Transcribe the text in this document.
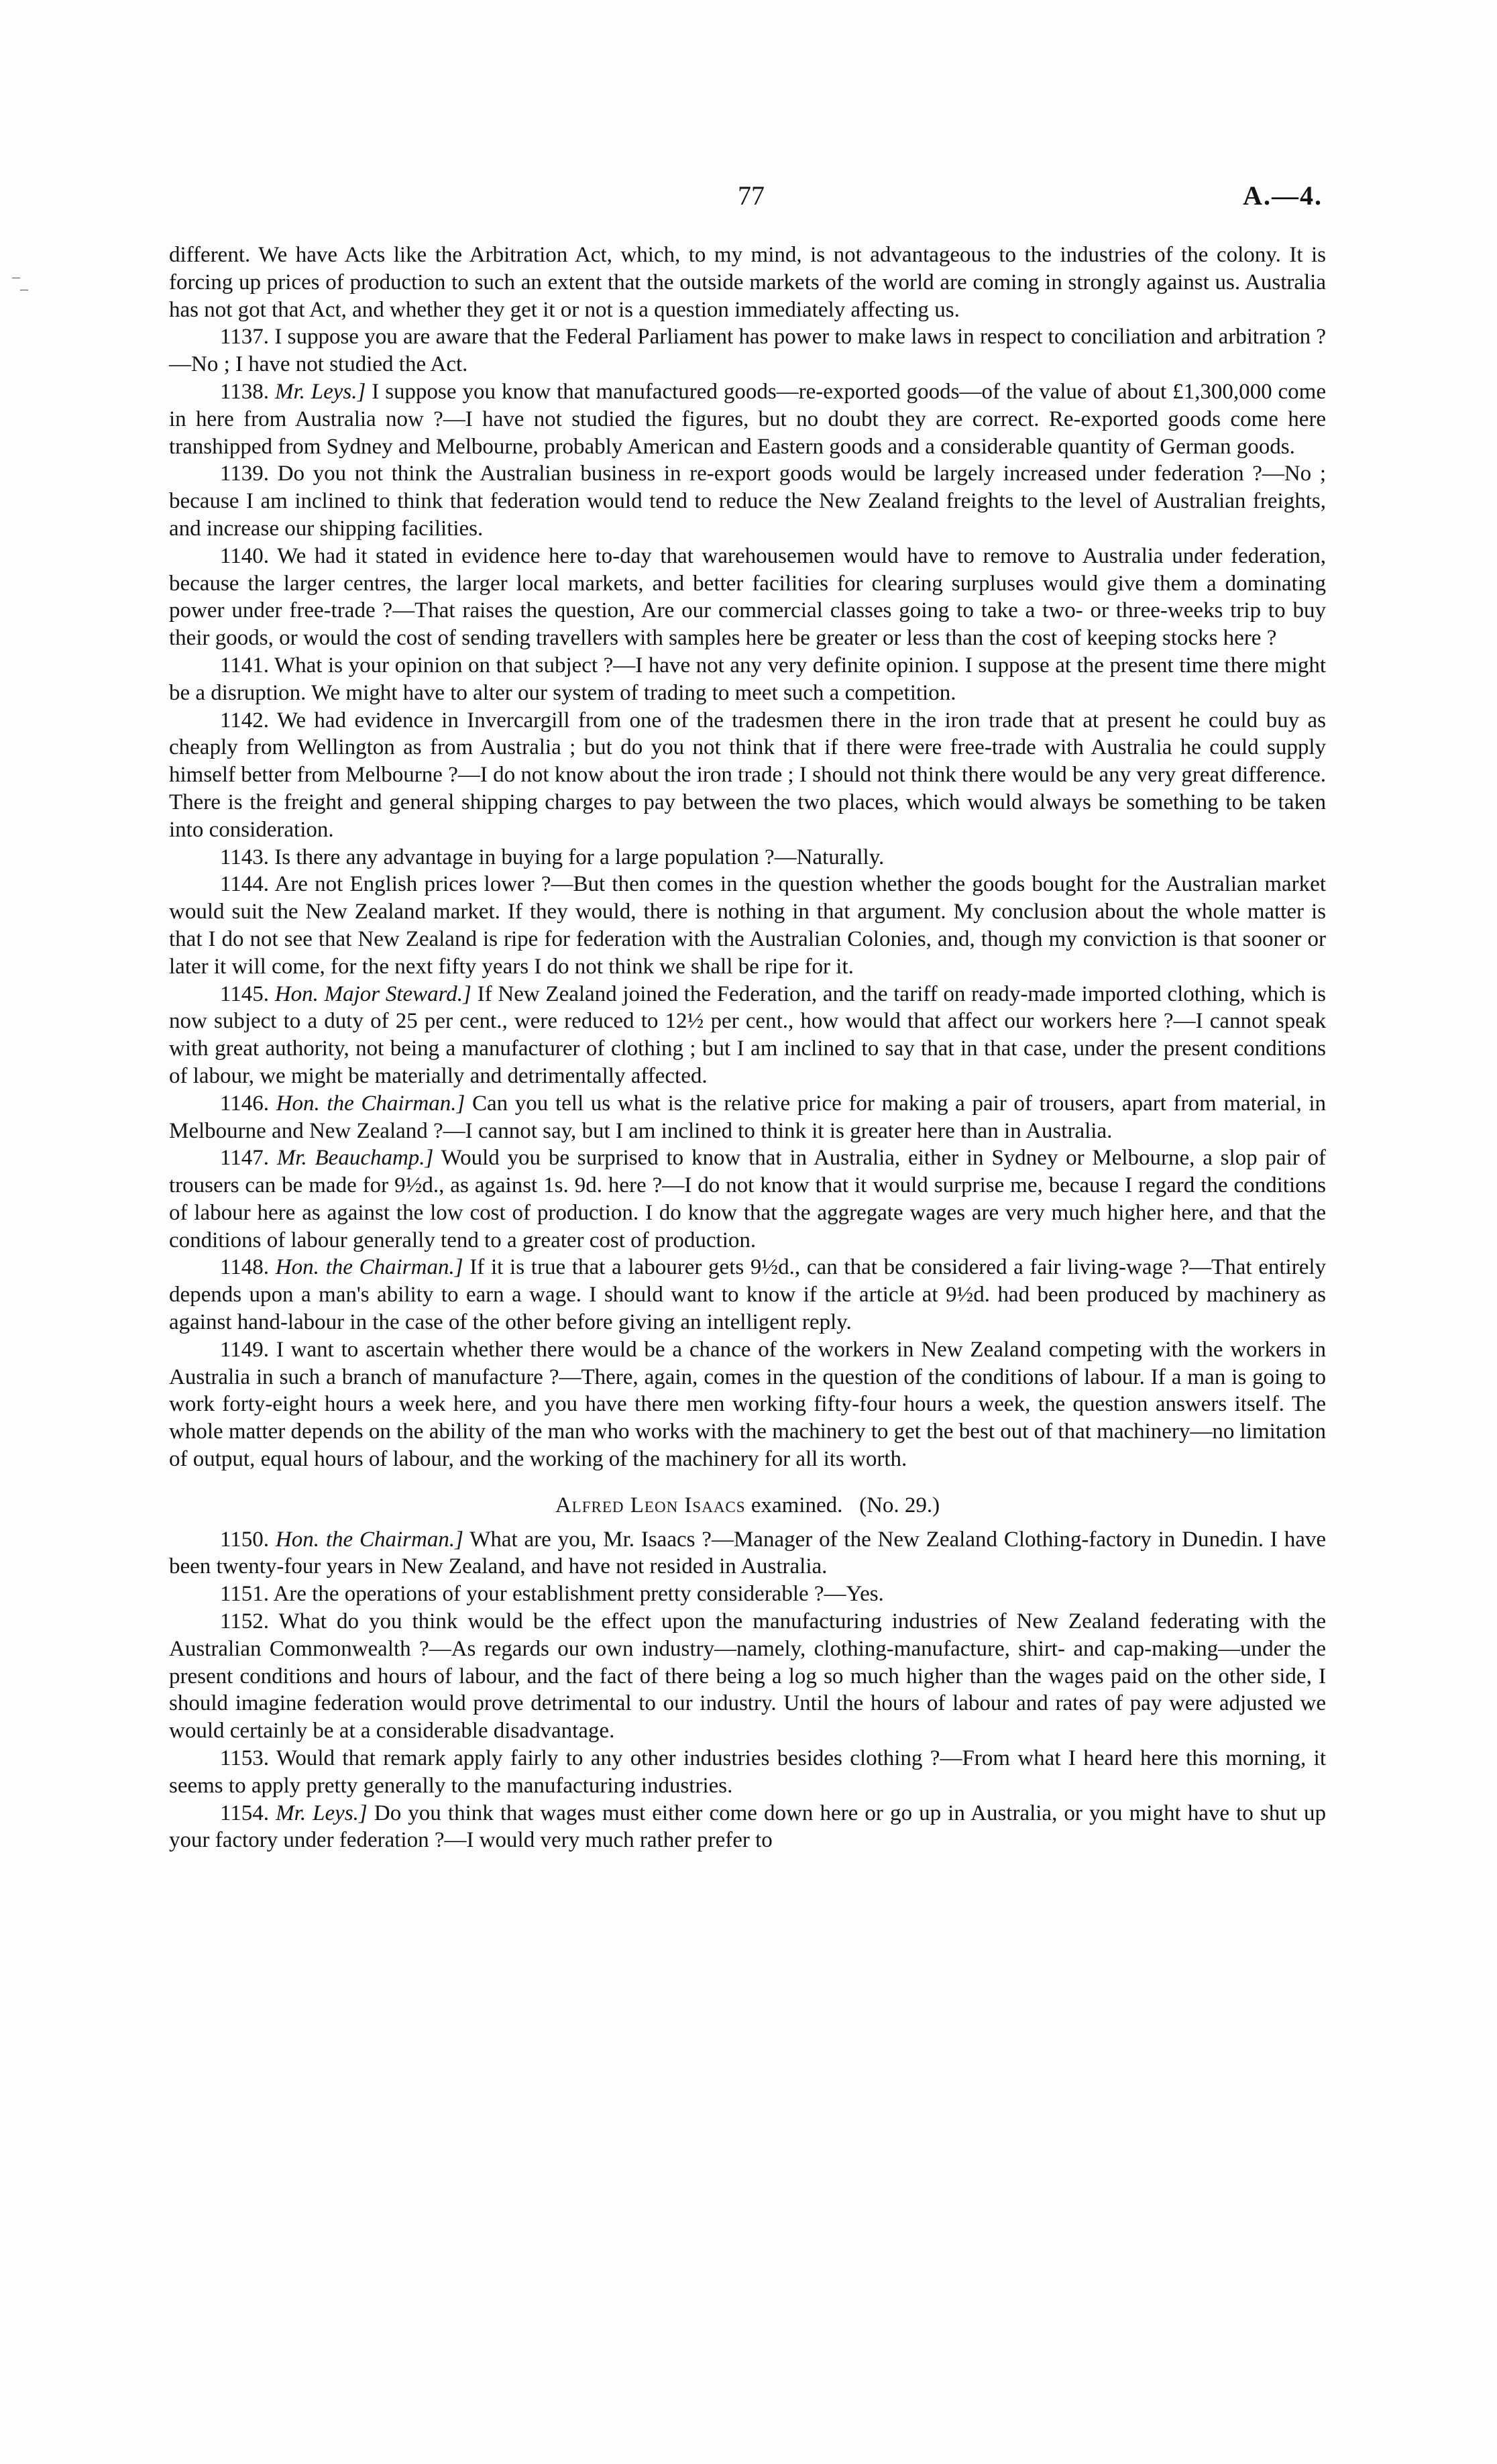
77	A.—4.
–
–

different. We have Acts like the Arbitration Act, which, to my mind, is not advantageous to the industries of the colony. It is forcing up prices of production to such an extent that the outside markets of the world are coming in strongly against us. Australia has not got that Act, and whether they get it or not is a question immediately affecting us.

1137. I suppose you are aware that the Federal Parliament has power to make laws in respect to conciliation and arbitration ?—No ; I have not studied the Act.

1138. Mr. Leys.] I suppose you know that manufactured goods—re-exported goods—of the value of about £1,300,000 come in here from Australia now ?—I have not studied the figures, but no doubt they are correct. Re-exported goods come here transhipped from Sydney and Melbourne, probably American and Eastern goods and a considerable quantity of German goods.

1139. Do you not think the Australian business in re-export goods would be largely increased under federation ?—No ; because I am inclined to think that federation would tend to reduce the New Zealand freights to the level of Australian freights, and increase our shipping facilities.

1140. We had it stated in evidence here to-day that warehousemen would have to remove to Australia under federation, because the larger centres, the larger local markets, and better facilities for clearing surpluses would give them a dominating power under free-trade ?—That raises the question, Are our commercial classes going to take a two- or three-weeks trip to buy their goods, or would the cost of sending travellers with samples here be greater or less than the cost of keeping stocks here ?

1141. What is your opinion on that subject ?—I have not any very definite opinion. I suppose at the present time there might be a disruption. We might have to alter our system of trading to meet such a competition.

1142. We had evidence in Invercargill from one of the tradesmen there in the iron trade that at present he could buy as cheaply from Wellington as from Australia ; but do you not think that if there were free-trade with Australia he could supply himself better from Melbourne ?—I do not know about the iron trade ; I should not think there would be any very great difference. There is the freight and general shipping charges to pay between the two places, which would always be something to be taken into consideration.

1143. Is there any advantage in buying for a large population ?—Naturally.

1144. Are not English prices lower ?—But then comes in the question whether the goods bought for the Australian market would suit the New Zealand market. If they would, there is nothing in that argument. My conclusion about the whole matter is that I do not see that New Zealand is ripe for federation with the Australian Colonies, and, though my conviction is that sooner or later it will come, for the next fifty years I do not think we shall be ripe for it.

1145. Hon. Major Steward.] If New Zealand joined the Federation, and the tariff on ready-made imported clothing, which is now subject to a duty of 25 per cent., were reduced to 12½ per cent., how would that affect our workers here ?—I cannot speak with great authority, not being a manufacturer of clothing ; but I am inclined to say that in that case, under the present conditions of labour, we might be materially and detrimentally affected.

1146. Hon. the Chairman.] Can you tell us what is the relative price for making a pair of trousers, apart from material, in Melbourne and New Zealand ?—I cannot say, but I am inclined to think it is greater here than in Australia.

1147. Mr. Beauchamp.] Would you be surprised to know that in Australia, either in Sydney or Melbourne, a slop pair of trousers can be made for 9½d., as against 1s. 9d. here ?—I do not know that it would surprise me, because I regard the conditions of labour here as against the low cost of production. I do know that the aggregate wages are very much higher here, and that the conditions of labour generally tend to a greater cost of production.

1148. Hon. the Chairman.] If it is true that a labourer gets 9½d., can that be considered a fair living-wage ?—That entirely depends upon a man's ability to earn a wage. I should want to know if the article at 9½d. had been produced by machinery as against hand-labour in the case of the other before giving an intelligent reply.

1149. I want to ascertain whether there would be a chance of the workers in New Zealand competing with the workers in Australia in such a branch of manufacture ?—There, again, comes in the question of the conditions of labour. If a man is going to work forty-eight hours a week here, and you have there men working fifty-four hours a week, the question answers itself. The whole matter depends on the ability of the man who works with the machinery to get the best out of that machinery—no limitation of output, equal hours of labour, and the working of the machinery for all its worth.

Alfred Leon Isaacs examined. (No. 29.)

1150. Hon. the Chairman.] What are you, Mr. Isaacs ?—Manager of the New Zealand Clothing-factory in Dunedin. I have been twenty-four years in New Zealand, and have not resided in Australia.

1151. Are the operations of your establishment pretty considerable ?—Yes.

1152. What do you think would be the effect upon the manufacturing industries of New Zealand federating with the Australian Commonwealth ?—As regards our own industry—namely, clothing-manufacture, shirt- and cap-making—under the present conditions and hours of labour, and the fact of there being a log so much higher than the wages paid on the other side, I should imagine federation would prove detrimental to our industry. Until the hours of labour and rates of pay were adjusted we would certainly be at a considerable disadvantage.

1153. Would that remark apply fairly to any other industries besides clothing ?—From what I heard here this morning, it seems to apply pretty generally to the manufacturing industries.

1154. Mr. Leys.] Do you think that wages must either come down here or go up in Australia, or you might have to shut up your factory under federation ?—I would very much rather prefer to
